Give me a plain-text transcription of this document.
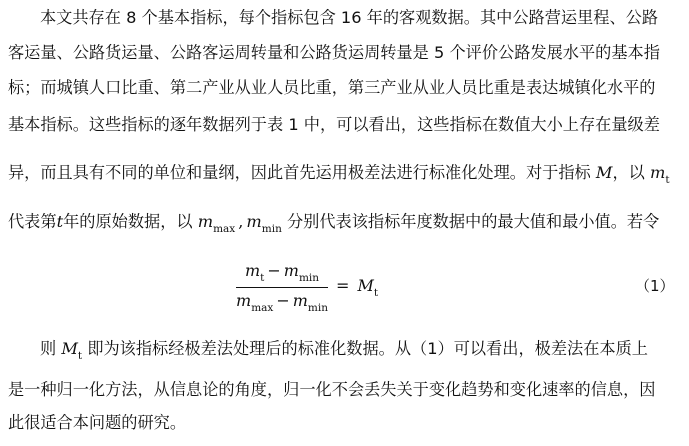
本文共存在 8 个基本指标，每个指标包含 16 年的客观数据。其中公路营运里程、公路
客运量、公路货运量、公路客运周转量和公路货运周转量是 5 个评价公路发展水平的基本指
标；而城镇人口比重、第二产业从业人员比重，第三产业从业人员比重是表达城镇化水平的
基本指标。这些指标的逐年数据列于表 1 中，可以看出，这些指标在数值大小上存在量级差
异，而且具有不同的单位和量纲，因此首先运用极差法进行标准化处理。对于指标 M，以 $m_t$
代表第t年的原始数据，以 $m_{max}$ , $m_{min}$ 分别代表该指标年度数据中的最大值和最小值。若令
$m_t - m_{min}$
$m_{max} - m_{min}$
= $M_t$	（1）
则 $M_t$ 即为该指标经极差法处理后的标准化数据。从（1）可以看出，极差法在本质上
是一种归一化方法，从信息论的角度，归一化不会丢失关于变化趋势和变化速率的信息，因
此很适合本问题的研究。
